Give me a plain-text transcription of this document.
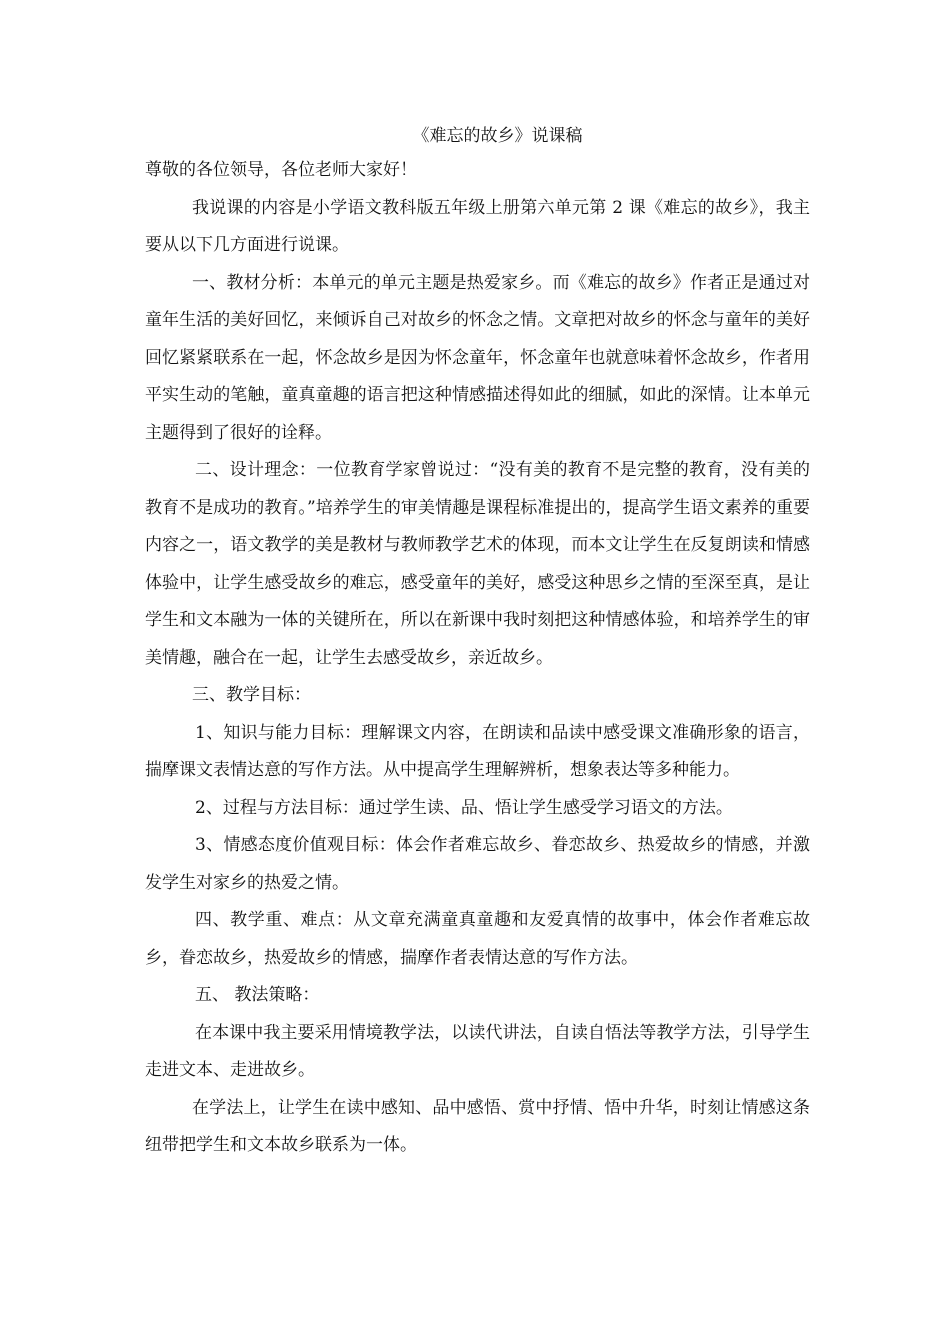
《难忘的故乡》说课稿

尊敬的各位领导，各位老师大家好！

我说课的内容是小学语文教科版五年级上册第六单元第 2 课《难忘的故乡》，我主要从以下几方面进行说课。

一、教材分析：本单元的单元主题是热爱家乡。而《难忘的故乡》作者正是通过对童年生活的美好回忆，来倾诉自己对故乡的怀念之情。文章把对故乡的怀念与童年的美好回忆紧紧联系在一起，怀念故乡是因为怀念童年，怀念童年也就意味着怀念故乡，作者用平实生动的笔触，童真童趣的语言把这种情感描述得如此的细腻，如此的深情。让本单元主题得到了很好的诠释。

二、设计理念：一位教育学家曾说过：“没有美的教育不是完整的教育，没有美的教育不是成功的教育。”培养学生的审美情趣是课程标准提出的，提高学生语文素养的重要内容之一，语文教学的美是教材与教师教学艺术的体现，而本文让学生在反复朗读和情感体验中，让学生感受故乡的难忘，感受童年的美好，感受这种思乡之情的至深至真，是让学生和文本融为一体的关键所在，所以在新课中我时刻把这种情感体验，和培养学生的审美情趣，融合在一起，让学生去感受故乡，亲近故乡。

三、教学目标：

1、知识与能力目标：理解课文内容，在朗读和品读中感受课文准确形象的语言，揣摩课文表情达意的写作方法。从中提高学生理解辨析，想象表达等多种能力。

2、过程与方法目标：通过学生读、品、悟让学生感受学习语文的方法。

3、情感态度价值观目标：体会作者难忘故乡、眷恋故乡、热爱故乡的情感，并激发学生对家乡的热爱之情。

四、教学重、难点：从文章充满童真童趣和友爱真情的故事中，体会作者难忘故乡，眷恋故乡，热爱故乡的情感，揣摩作者表情达意的写作方法。

五、 教法策略：

在本课中我主要采用情境教学法，以读代讲法，自读自悟法等教学方法，引导学生走进文本、走进故乡。

在学法上，让学生在读中感知、品中感悟、赏中抒情、悟中升华，时刻让情感这条纽带把学生和文本故乡联系为一体。
